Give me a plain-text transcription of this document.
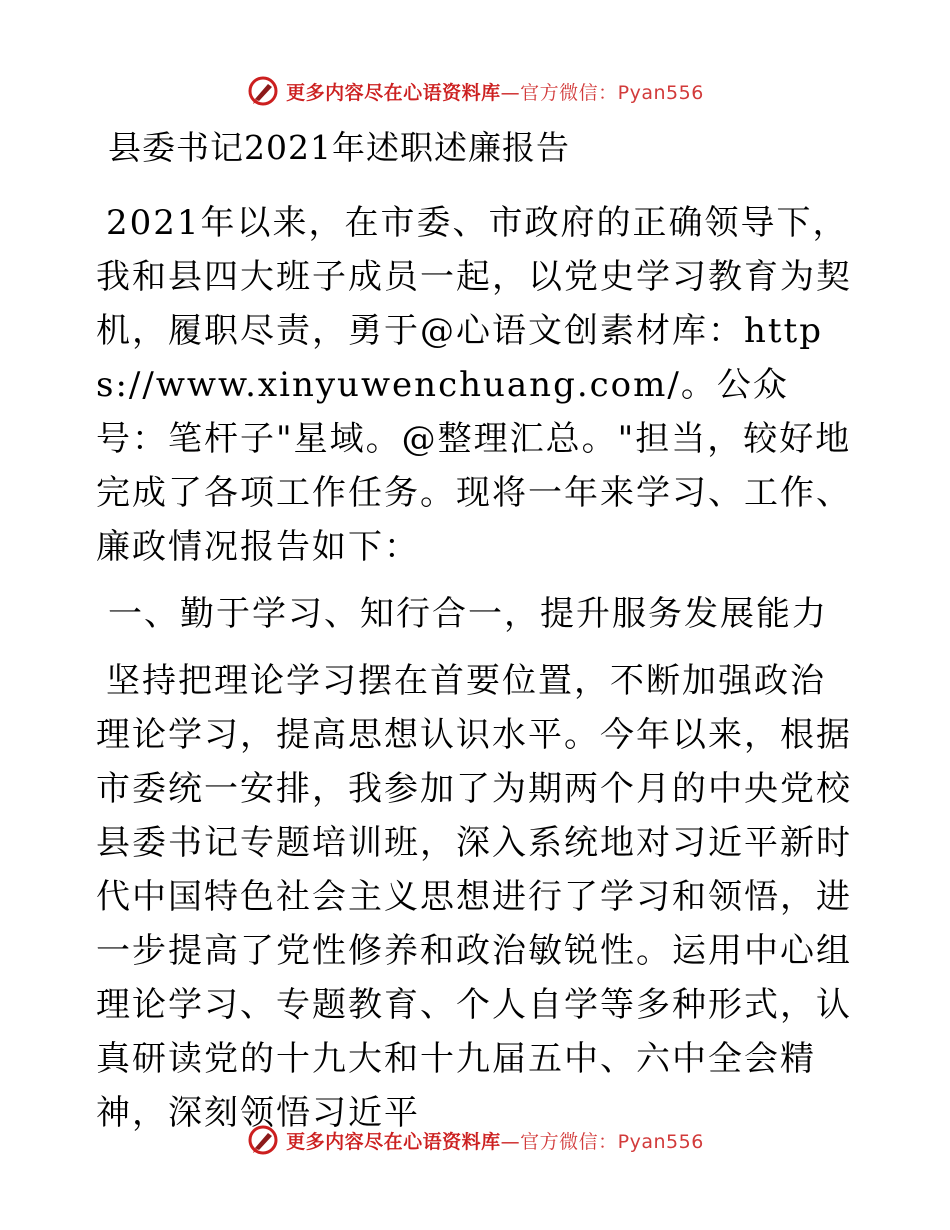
更多内容尽在心语资料库—官方微信：Pyan556
县委书记2021年述职述廉报告

2021年以来，在市委、市政府的正确领导下，我和县四大班子成员一起，以党史学习教育为契机，履职尽责，勇于@心语文创素材库：https://www.xinyuwenchuang.com/。公众号：笔杆子"星域。@整理汇总。"担当，较好地完成了各项工作任务。现将一年来学习、工作、廉政情况报告如下：

一、勤于学习、知行合一，提升服务发展能力

坚持把理论学习摆在首要位置，不断加强政治理论学习，提高思想认识水平。今年以来，根据市委统一安排，我参加了为期两个月的中央党校县委书记专题培训班，深入系统地对习近平新时代中国特色社会主义思想进行了学习和领悟，进一步提高了党性修养和政治敏锐性。运用中心组理论学习、专题教育、个人自学等多种形式，认真研读党的十九大和十九届五中、六中全会精神，深刻领悟习近平

更多内容尽在心语资料库—官方微信：Pyan556
